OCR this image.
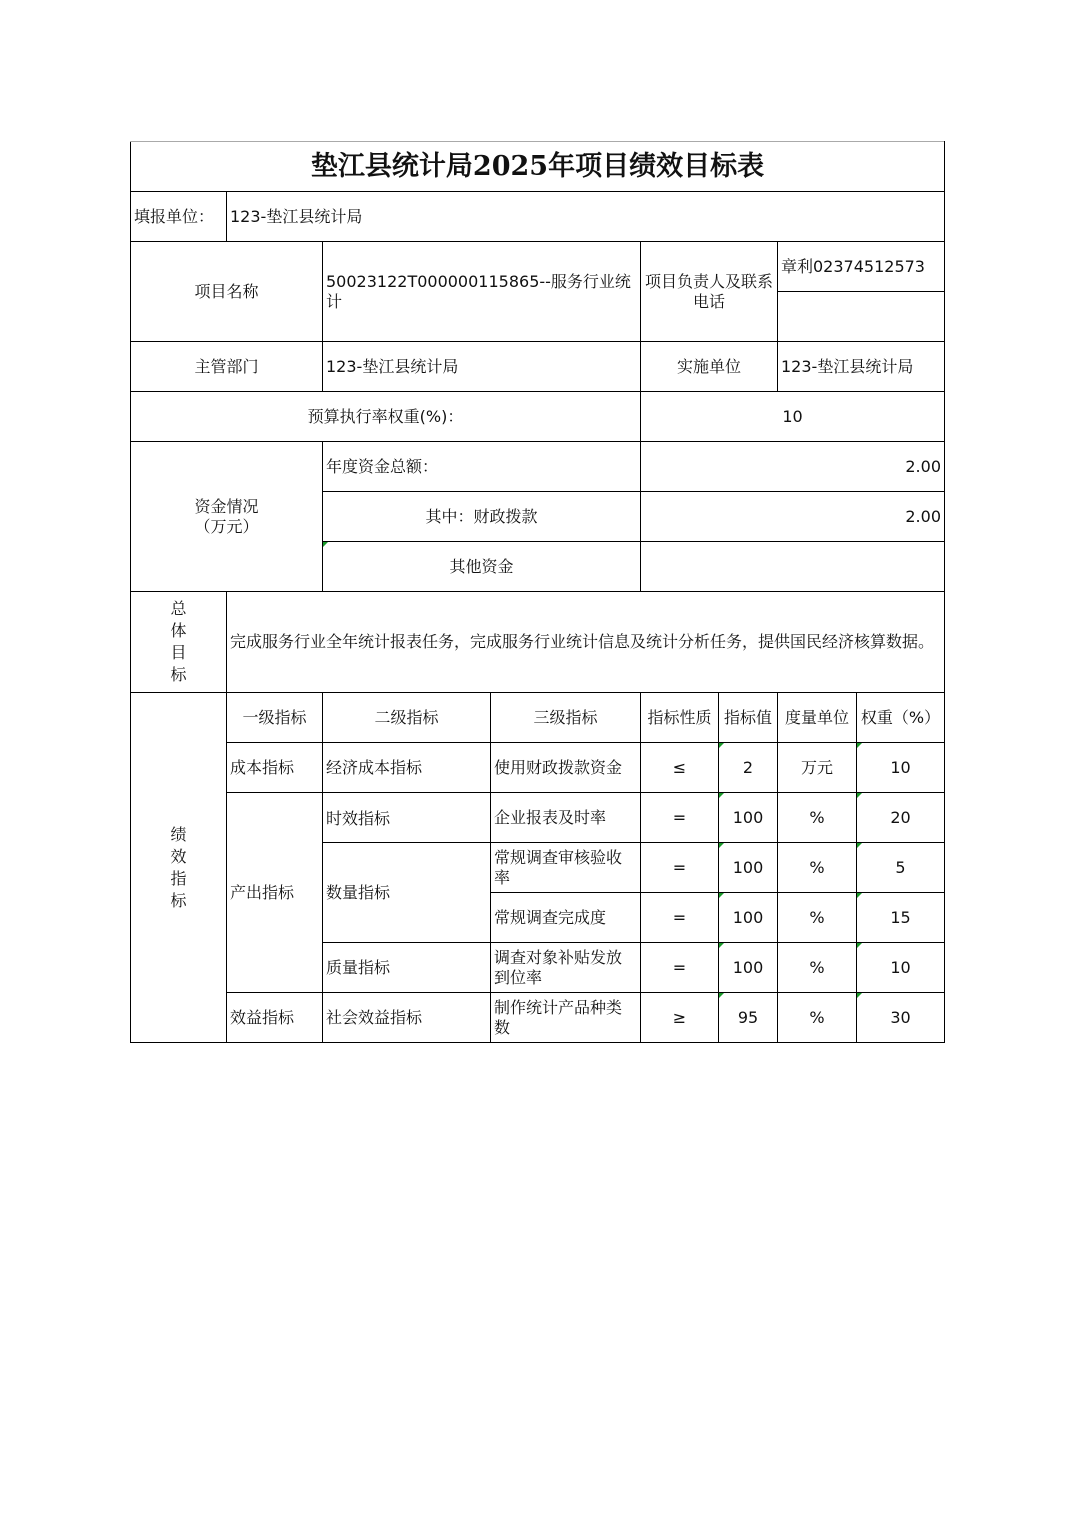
垫江县统计局2025年项目绩效目标表							
填报单位：	123-垫江县统计局						
项目名称		50023122T000000115865--服务行业统计		项目负责人及联系电话		章利02374512573	

主管部门		123-垫江县统计局		实施单位		123-垫江县统计局	
预算执行率权重(%)：				10			
资金情况（万元）		年度资金总额：		2.00			
		其中：财政拨款		2.00			
		其他资金					

总体目标	完成服务行业全年统计报表任务，完成服务行业统计信息及统计分析任务，提供国民经济核算数据。						

绩效指标	一级指标	二级指标	三级指标	指标性质	指标值	度量单位	权重（%）
	成本指标	经济成本指标	使用财政拨款资金	≤	2	万元	10
	产出指标	时效指标	企业报表及时率	=	100	%	20
		数量指标	常规调查审核验收率	=	100	%	5
			常规调查完成度	=	100	%	15
		质量指标	调查对象补贴发放到位率	=	100	%	10
	效益指标	社会效益指标	制作统计产品种类数	≥	95	%	30
